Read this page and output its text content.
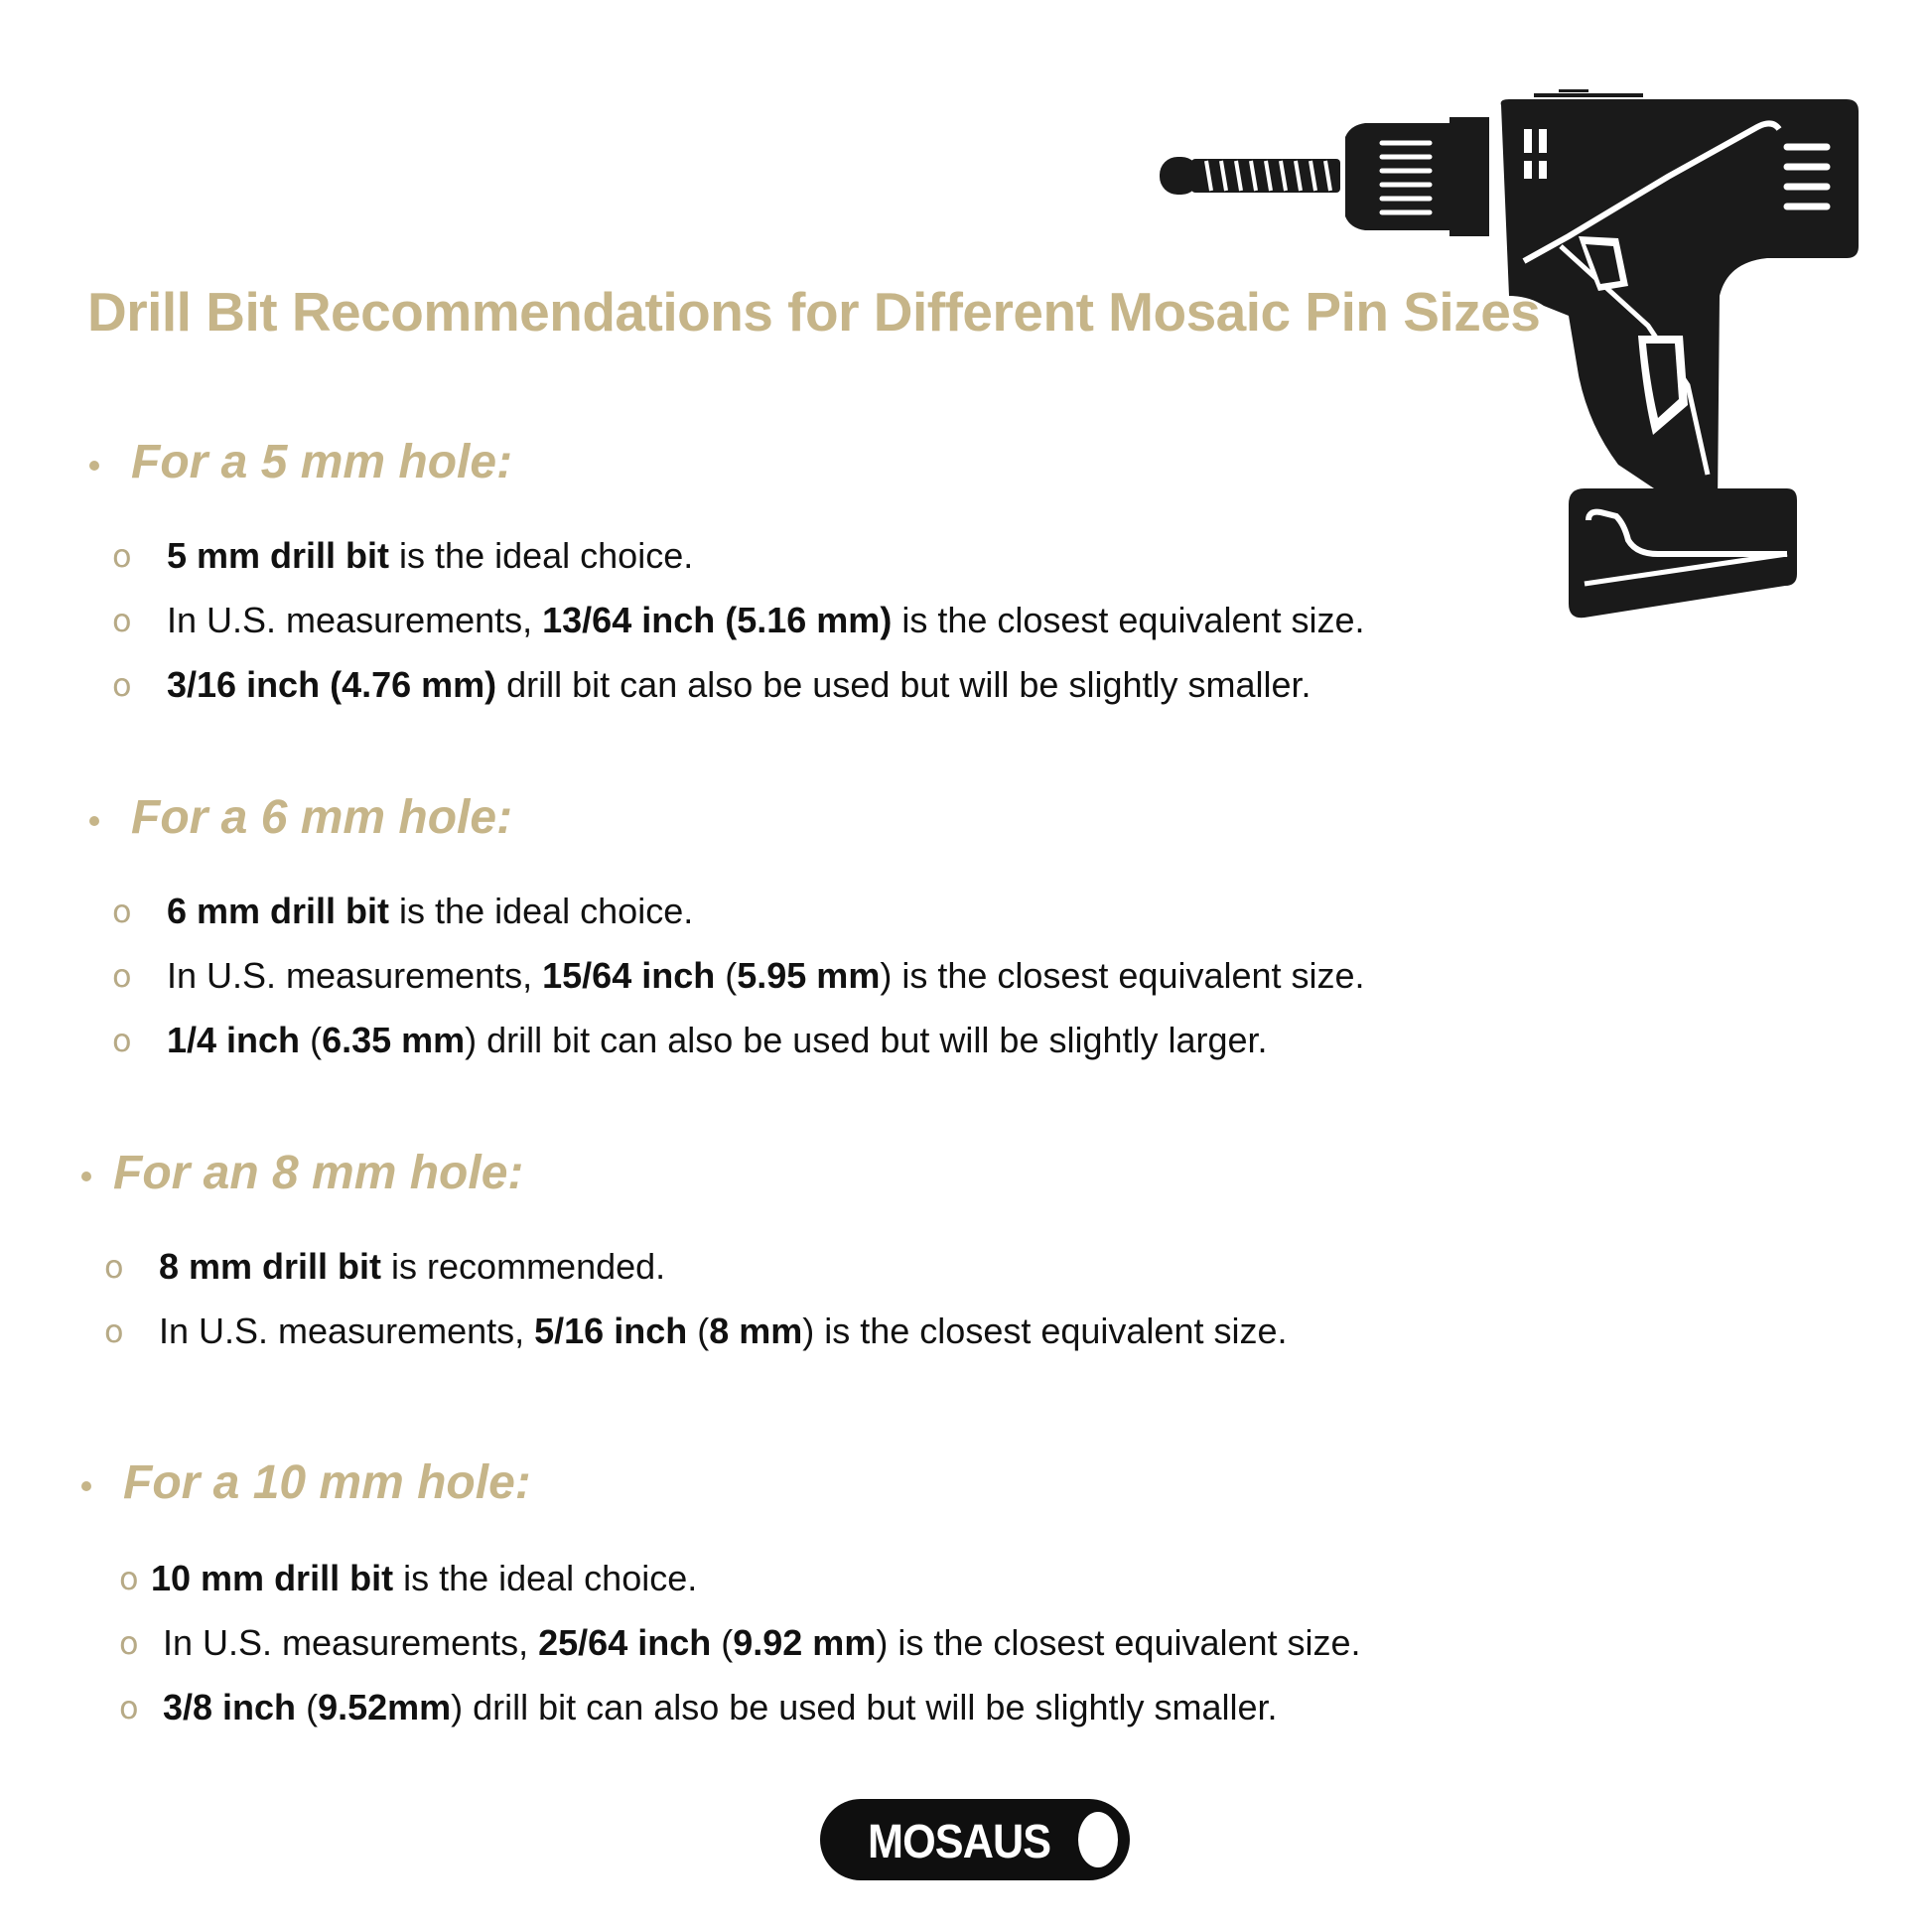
Drill Bit Recommendations for Different Mosaic Pin Sizes
For a 5 mm hole:
o 5 mm drill bit is the ideal choice.
o In U.S. measurements, 13/64 inch (5.16 mm) is the closest equivalent size.
o 3/16 inch (4.76 mm) drill bit can also be used but will be slightly smaller.
For a 6 mm hole:
o 6 mm drill bit is the ideal choice.
o In U.S. measurements, 15/64 inch (5.95 mm) is the closest equivalent size.
o 1/4 inch (6.35 mm) drill bit can also be used but will be slightly larger.
For an 8 mm hole:
o 8 mm drill bit is recommended.
o In U.S. measurements, 5/16 inch (8 mm) is the closest equivalent size.
For a 10 mm hole:
o 10 mm drill bit is the ideal choice.
o In U.S. measurements, 25/64 inch (9.92 mm) is the closest equivalent size.
o 3/8 inch (9.52mm) drill bit can also be used but will be slightly smaller.
MOSAUS
